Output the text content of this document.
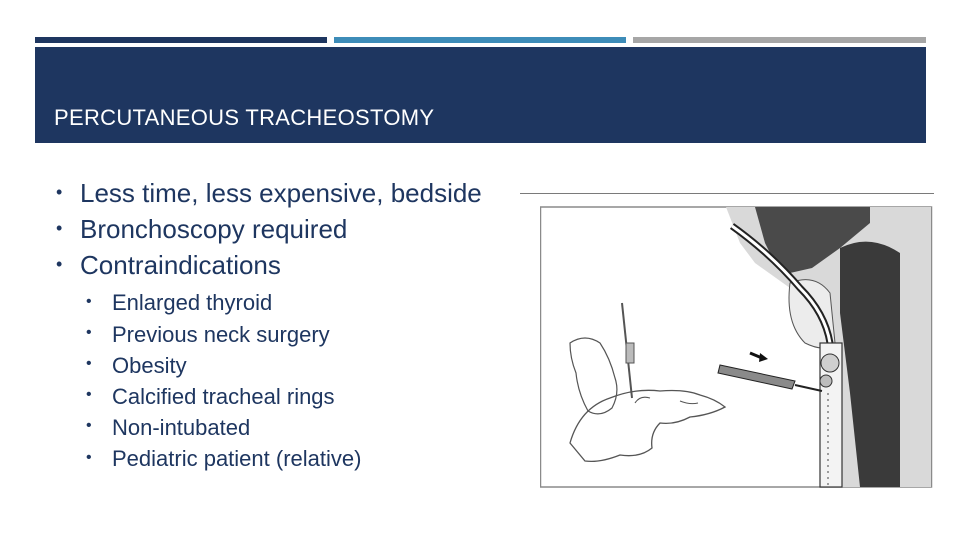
PERCUTANEOUS TRACHEOSTOMY
• Less time, less expensive, bedside
• Bronchoscopy required
• Contraindications
• Enlarged thyroid
• Previous neck surgery
• Obesity
• Calcified tracheal rings
• Non-intubated
• Pediatric patient (relative)
